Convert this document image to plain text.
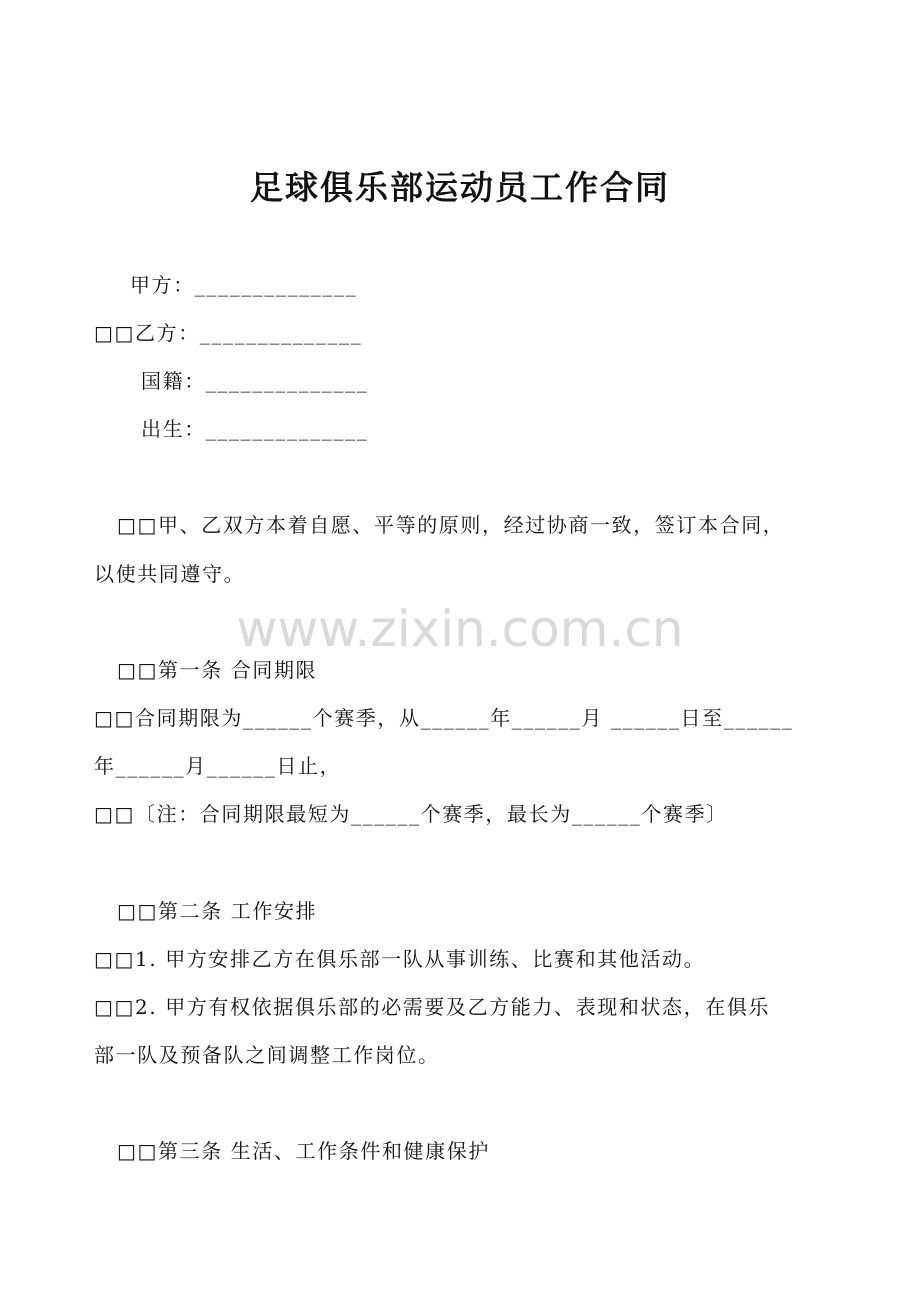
足球俱乐部运动员工作合同
甲方：______________
□□乙方：______________
国籍：______________
出生：______________
□□甲、乙双方本着自愿、平等的原则，经过协商一致，签订本合同，
以使共同遵守。
www.zixin.com.cn
□□第一条 合同期限
□□合同期限为______个赛季，从______年______月 ______日至______
年______月______日止，
□□〔注：合同期限最短为______个赛季，最长为______个赛季〕
□□第二条 工作安排
□□1. 甲方安排乙方在俱乐部一队从事训练、比赛和其他活动。
□□2. 甲方有权依据俱乐部的必需要及乙方能力、表现和状态，在俱乐
部一队及预备队之间调整工作岗位。
□□第三条 生活、工作条件和健康保护
